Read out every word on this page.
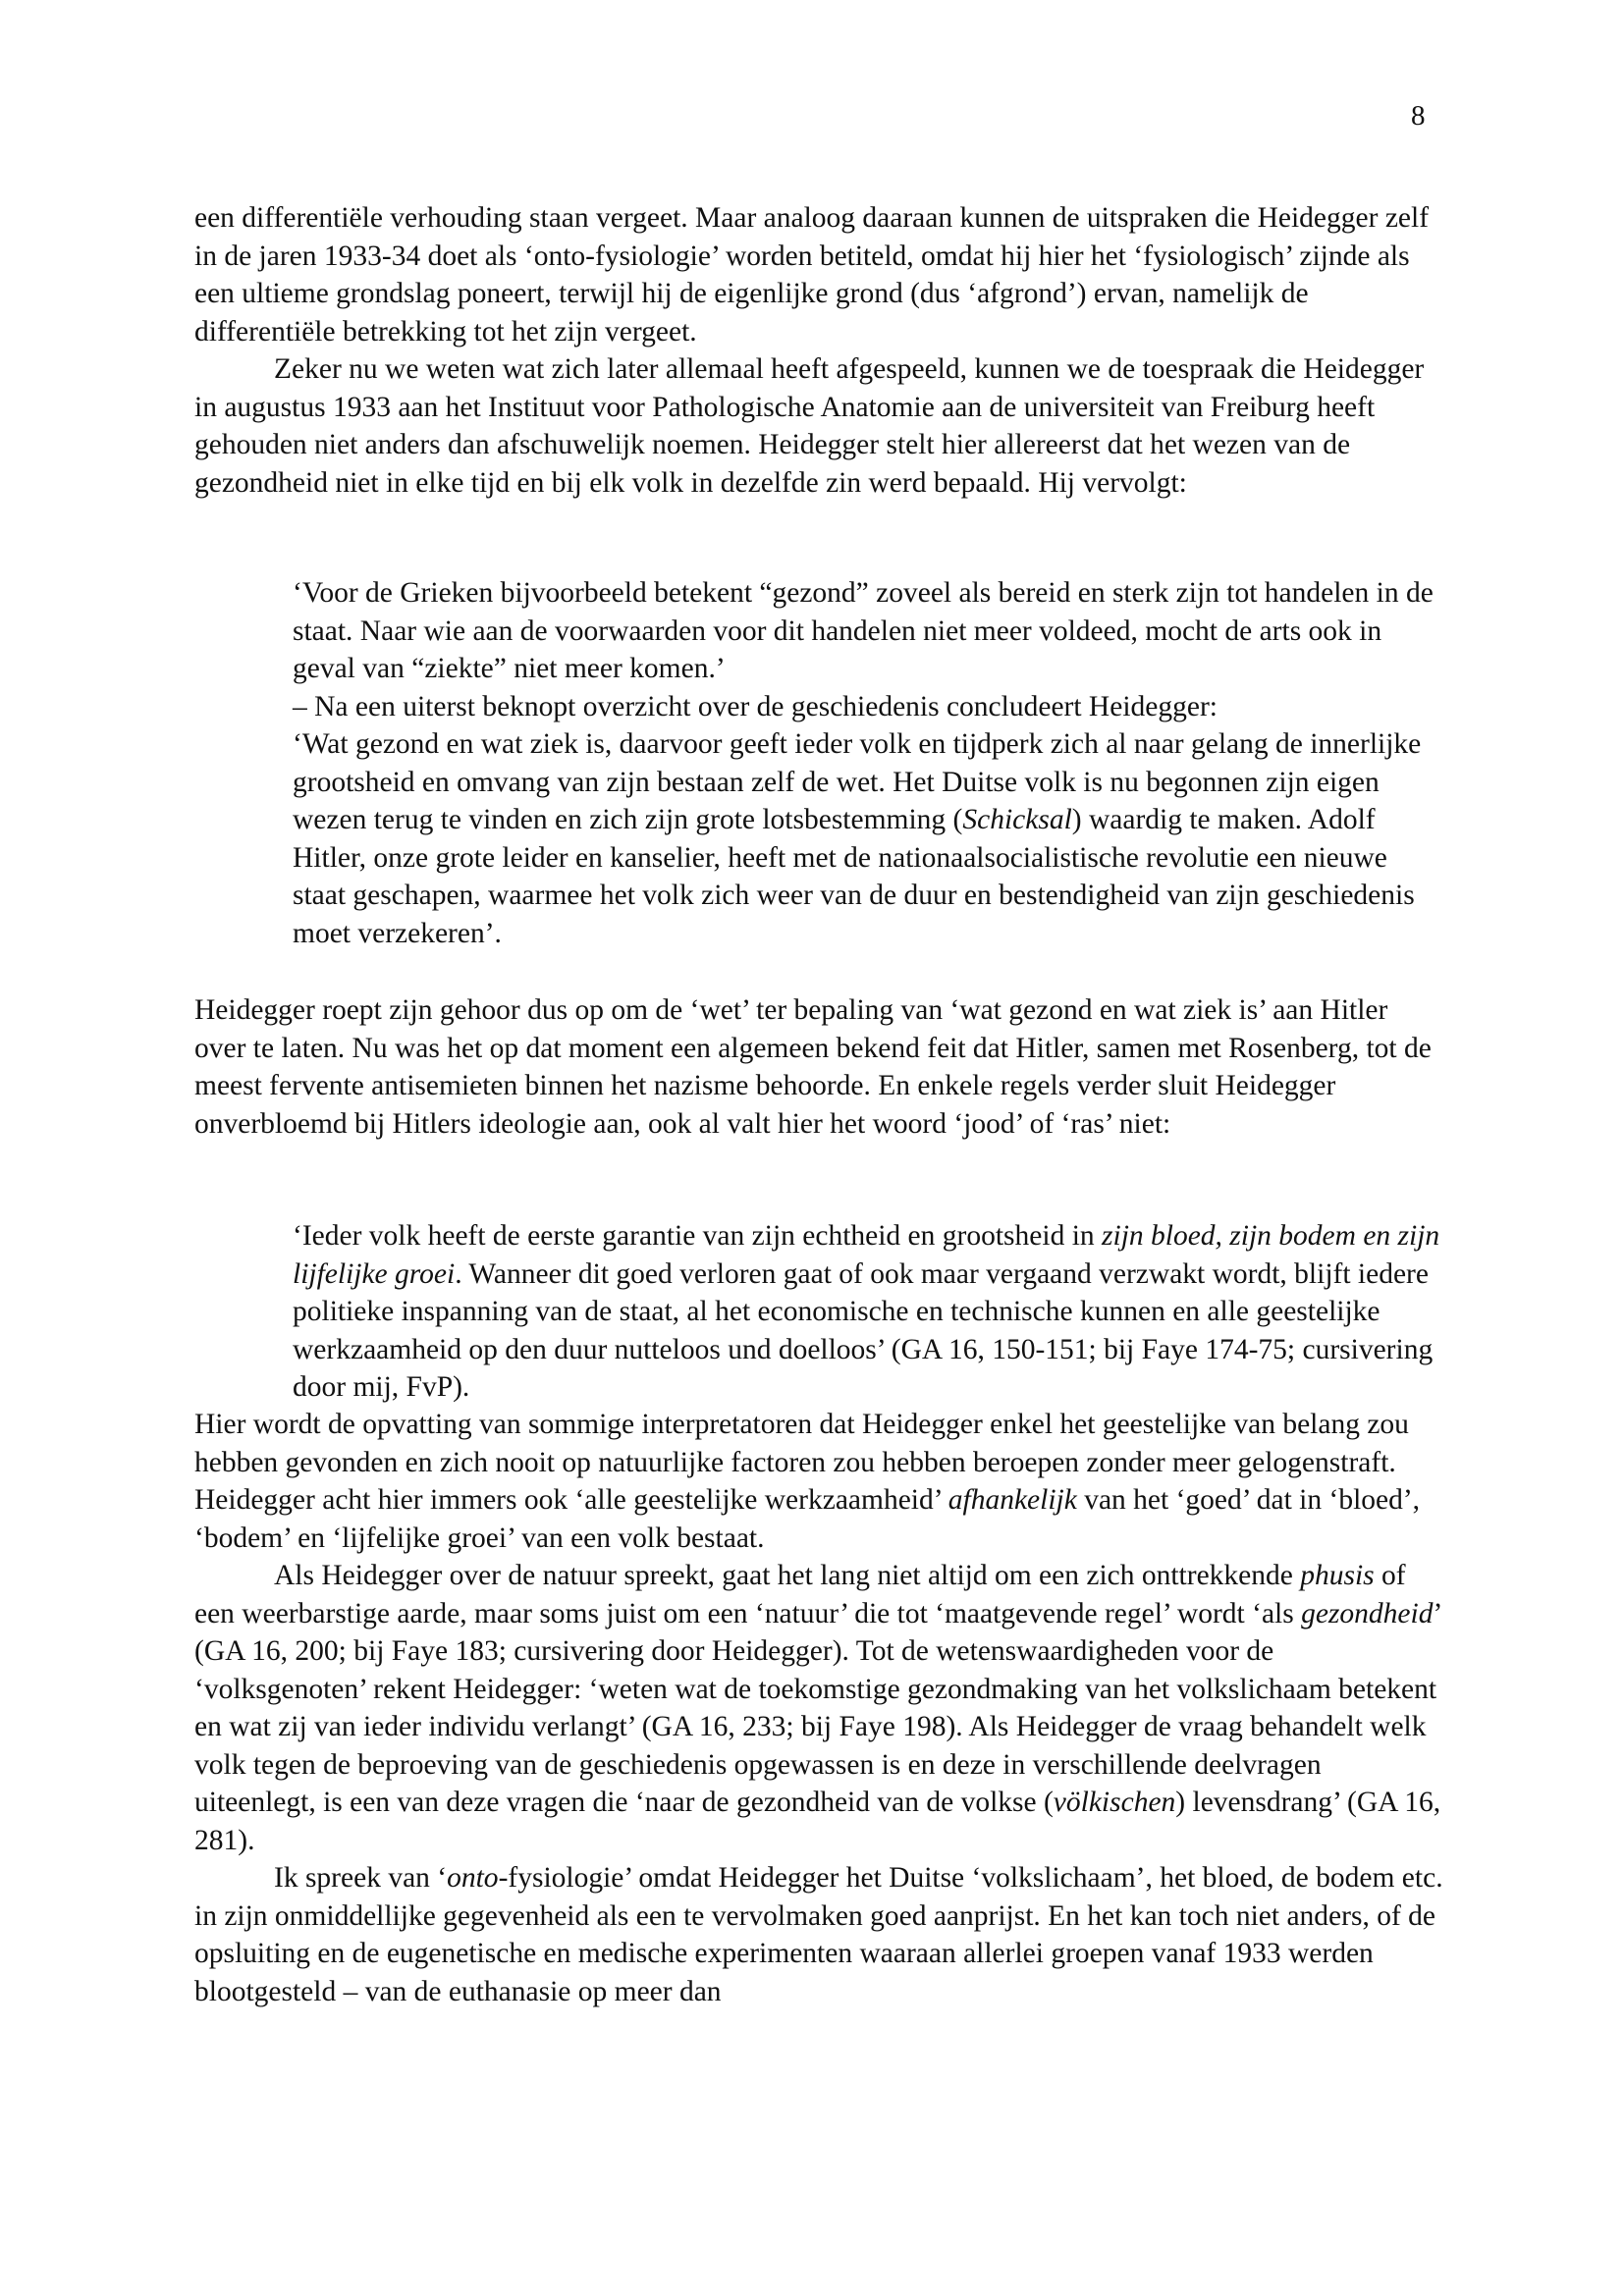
8

een differentiële verhouding staan vergeet. Maar analoog daaraan kunnen de uitspraken die Heidegger zelf in de jaren 1933-34 doet als ‘onto-fysiologie’ worden betiteld, omdat hij hier het ‘fysiologisch’ zijnde als een ultieme grondslag poneert, terwijl hij de eigenlijke grond (dus ‘afgrond’) ervan, namelijk de differentiële betrekking tot het zijn vergeet.

Zeker nu we weten wat zich later allemaal heeft afgespeeld, kunnen we de toespraak die Heidegger in augustus 1933 aan het Instituut voor Pathologische Anatomie aan de universiteit van Freiburg heeft gehouden niet anders dan afschuwelijk noemen. Heidegger stelt hier allereerst dat het wezen van de gezondheid niet in elke tijd en bij elk volk in dezelfde zin werd bepaald. Hij vervolgt:

‘Voor de Grieken bijvoorbeeld betekent “gezond” zoveel als bereid en sterk zijn tot handelen in de staat. Naar wie aan de voorwaarden voor dit handelen niet meer voldeed, mocht de arts ook in geval van “ziekte” niet meer komen.’

– Na een uiterst beknopt overzicht over de geschiedenis concludeert Heidegger:

‘Wat gezond en wat ziek is, daarvoor geeft ieder volk en tijdperk zich al naar gelang de innerlijke grootsheid en omvang van zijn bestaan zelf de wet. Het Duitse volk is nu begonnen zijn eigen wezen terug te vinden en zich zijn grote lotsbestemming (Schicksal) waardig te maken. Adolf Hitler, onze grote leider en kanselier, heeft met de nationaalsocialistische revolutie een nieuwe staat geschapen, waarmee het volk zich weer van de duur en bestendigheid van zijn geschiedenis moet verzekeren’.

Heidegger roept zijn gehoor dus op om de ‘wet’ ter bepaling van ‘wat gezond en wat ziek is’ aan Hitler over te laten. Nu was het op dat moment een algemeen bekend feit dat Hitler, samen met Rosenberg, tot de meest fervente antisemieten binnen het nazisme behoorde. En enkele regels verder sluit Heidegger onverbloemd bij Hitlers ideologie aan, ook al valt hier het woord ‘jood’ of ‘ras’ niet:

‘Ieder volk heeft de eerste garantie van zijn echtheid en grootsheid in zijn bloed, zijn bodem en zijn lijfelijke groei. Wanneer dit goed verloren gaat of ook maar vergaand verzwakt wordt, blijft iedere politieke inspanning van de staat, al het economische en technische kunnen en alle geestelijke werkzaamheid op den duur nutteloos und doelloos’ (GA 16, 150-151; bij Faye 174-75; cursivering door mij, FvP).

Hier wordt de opvatting van sommige interpretatoren dat Heidegger enkel het geestelijke van belang zou hebben gevonden en zich nooit op natuurlijke factoren zou hebben beroepen zonder meer gelogenstraft. Heidegger acht hier immers ook ‘alle geestelijke werkzaamheid’ afhankelijk van het ‘goed’ dat in ‘bloed’, ‘bodem’ en ‘lijfelijke groei’ van een volk bestaat.

Als Heidegger over de natuur spreekt, gaat het lang niet altijd om een zich onttrekkende phusis of een weerbarstige aarde, maar soms juist om een ‘natuur’ die tot ‘maatgevende regel’ wordt ‘als gezondheid’ (GA 16, 200; bij Faye 183; cursivering door Heidegger). Tot de wetenswaardigheden voor de ‘volksgenoten’ rekent Heidegger: ‘weten wat de toekomstige gezondmaking van het volkslichaam betekent en wat zij van ieder individu verlangt’ (GA 16, 233; bij Faye 198). Als Heidegger de vraag behandelt welk volk tegen de beproeving van de geschiedenis opgewassen is en deze in verschillende deelvragen uiteenlegt, is een van deze vragen die ‘naar de gezondheid van de volkse (völkischen) levensdrang’ (GA 16, 281).

Ik spreek van ‘onto-fysiologie’ omdat Heidegger het Duitse ‘volkslichaam’, het bloed, de bodem etc. in zijn onmiddellijke gegevenheid als een te vervolmaken goed aanprijst. En het kan toch niet anders, of de opsluiting en de eugenetische en medische experimenten waaraan allerlei groepen vanaf 1933 werden blootgesteld – van de euthanasie op meer dan
